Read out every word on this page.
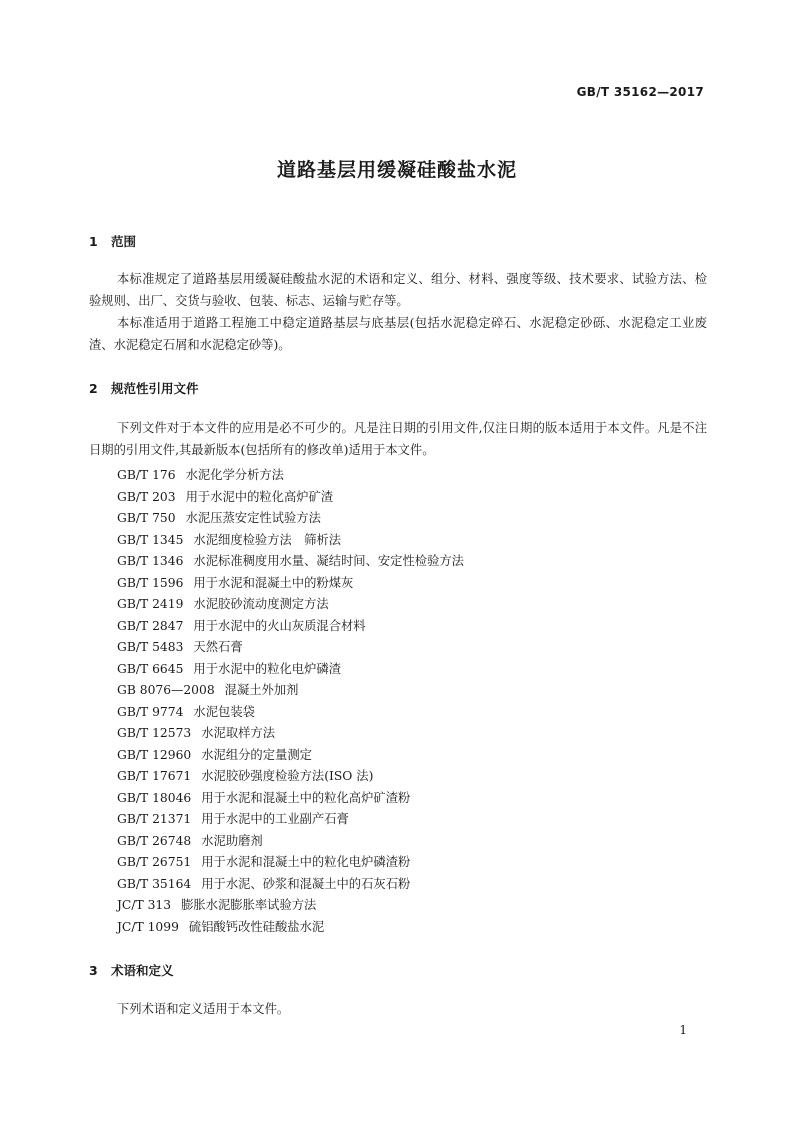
GB/T 35162—2017
道路基层用缓凝硅酸盐水泥
1 范围
本标准规定了道路基层用缓凝硅酸盐水泥的术语和定义、组分、材料、强度等级、技术要求、试验方法、检验规则、出厂、交货与验收、包装、标志、运输与贮存等。
本标准适用于道路工程施工中稳定道路基层与底基层(包括水泥稳定碎石、水泥稳定砂砾、水泥稳定工业废渣、水泥稳定石屑和水泥稳定砂等)。
2 规范性引用文件
下列文件对于本文件的应用是必不可少的。凡是注日期的引用文件,仅注日期的版本适用于本文件。凡是不注日期的引用文件,其最新版本(包括所有的修改单)适用于本文件。
GB/T 176 水泥化学分析方法
GB/T 203 用于水泥中的粒化高炉矿渣
GB/T 750 水泥压蒸安定性试验方法
GB/T 1345 水泥细度检验方法　筛析法
GB/T 1346 水泥标准稠度用水量、凝结时间、安定性检验方法
GB/T 1596 用于水泥和混凝土中的粉煤灰
GB/T 2419 水泥胶砂流动度测定方法
GB/T 2847 用于水泥中的火山灰质混合材料
GB/T 5483 天然石膏
GB/T 6645 用于水泥中的粒化电炉磷渣
GB 8076—2008 混凝土外加剂
GB/T 9774 水泥包装袋
GB/T 12573 水泥取样方法
GB/T 12960 水泥组分的定量测定
GB/T 17671 水泥胶砂强度检验方法(ISO 法)
GB/T 18046 用于水泥和混凝土中的粒化高炉矿渣粉
GB/T 21371 用于水泥中的工业副产石膏
GB/T 26748 水泥助磨剂
GB/T 26751 用于水泥和混凝土中的粒化电炉磷渣粉
GB/T 35164 用于水泥、砂浆和混凝土中的石灰石粉
JC/T 313 膨胀水泥膨胀率试验方法
JC/T 1099 硫铝酸钙改性硅酸盐水泥
3 术语和定义
下列术语和定义适用于本文件。
1
